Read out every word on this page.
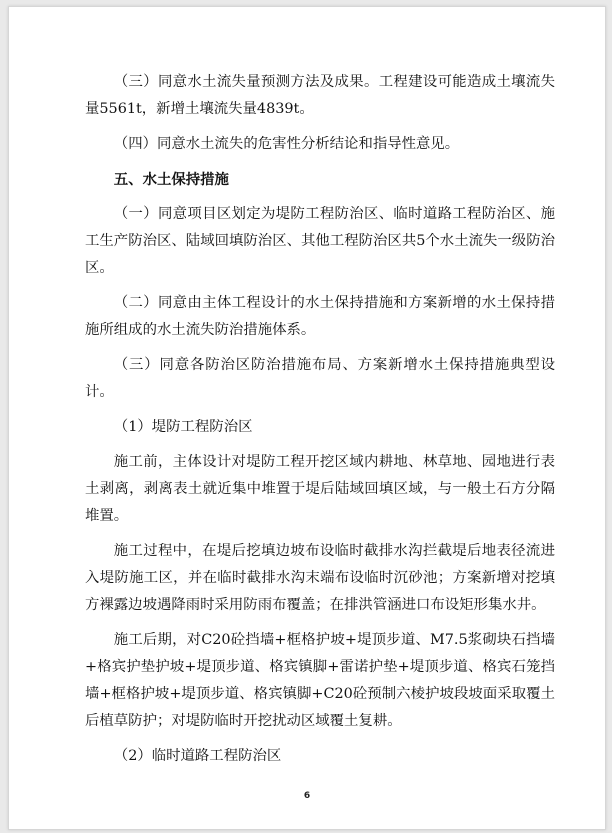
（三）同意水土流失量预测方法及成果。工程建设可能造成土壤流失量5561t，新增土壤流失量4839t。

（四）同意水土流失的危害性分析结论和指导性意见。

五、水土保持措施

（一）同意项目区划定为堤防工程防治区、临时道路工程防治区、施工生产防治区、陆域回填防治区、其他工程防治区共5个水土流失一级防治区。

（二）同意由主体工程设计的水土保持措施和方案新增的水土保持措施所组成的水土流失防治措施体系。

（三）同意各防治区防治措施布局、方案新增水土保持措施典型设计。

（1）堤防工程防治区

施工前，主体设计对堤防工程开挖区域内耕地、林草地、园地进行表土剥离，剥离表土就近集中堆置于堤后陆域回填区域，与一般土石方分隔堆置。

施工过程中，在堤后挖填边坡布设临时截排水沟拦截堤后地表径流进入堤防施工区，并在临时截排水沟末端布设临时沉砂池；方案新增对挖填方裸露边坡遇降雨时采用防雨布覆盖；在排洪管涵进口布设矩形集水井。

施工后期，对C20砼挡墙+框格护坡+堤顶步道、M7.5浆砌块石挡墙+格宾护垫护坡+堤顶步道、格宾镇脚+雷诺护垫+堤顶步道、格宾石笼挡墙+框格护坡+堤顶步道、格宾镇脚+C20砼预制六棱护坡段坡面采取覆土后植草防护；对堤防临时开挖扰动区域覆土复耕。

（2）临时道路工程防治区

6
